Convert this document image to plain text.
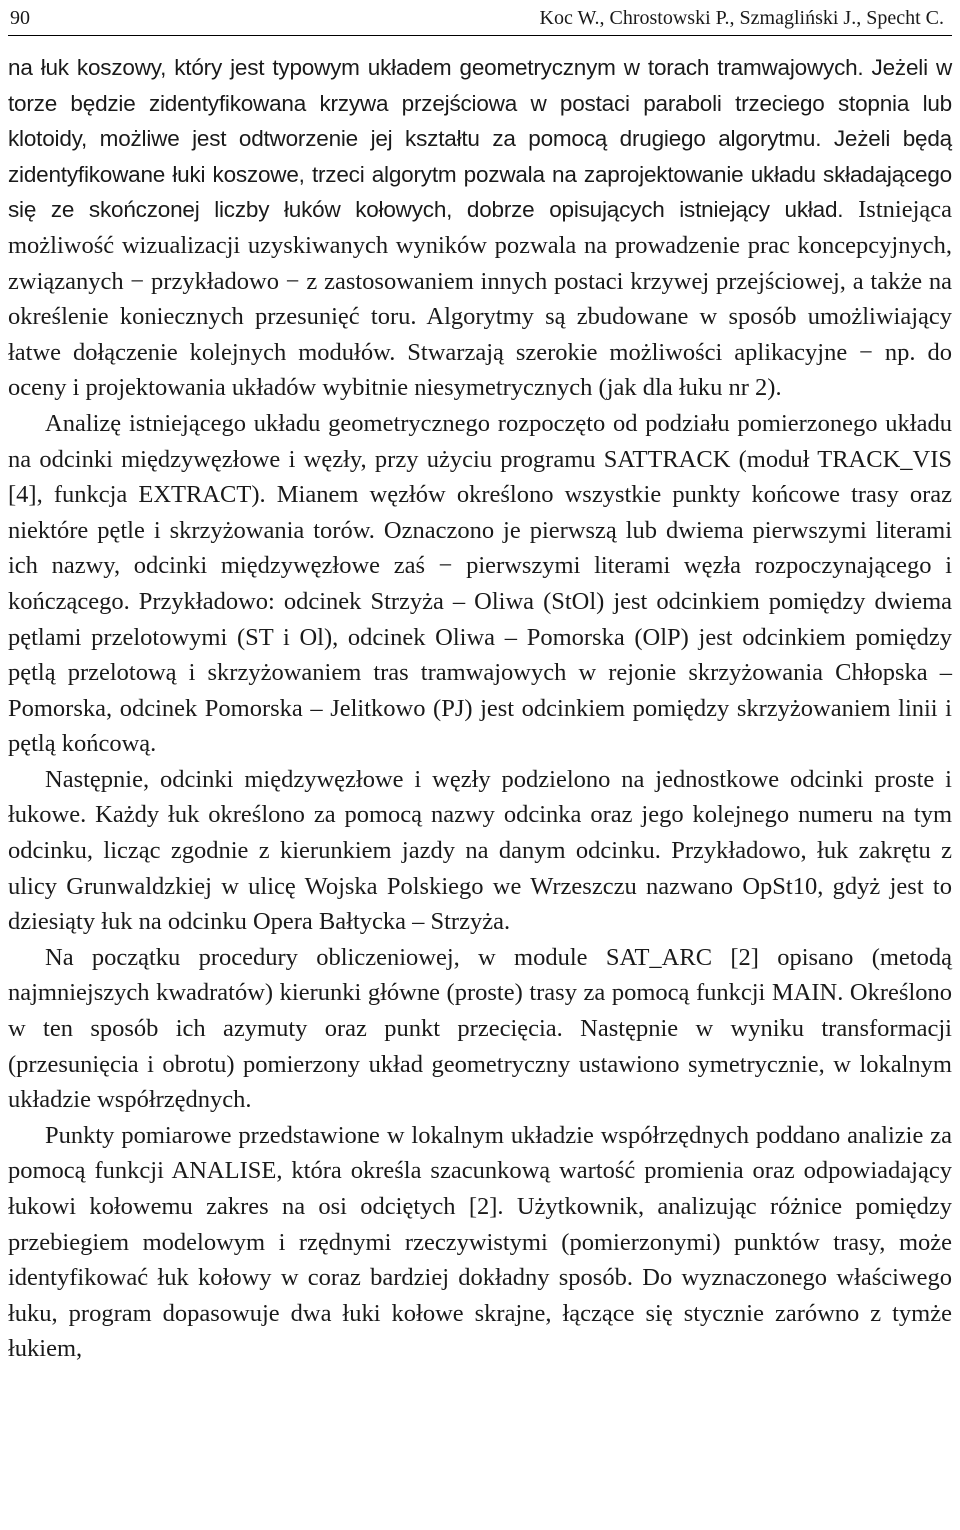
90	Koc W., Chrostowski P., Szmagliński J., Specht C.

na łuk koszowy, który jest typowym układem geometrycznym w torach tramwajowych. Jeżeli w torze będzie zidentyfikowana krzywa przejściowa w postaci paraboli trzeciego stopnia lub klotoidy, możliwe jest odtworzenie jej kształtu za pomocą drugiego algorytmu. Jeżeli będą zidentyfikowane łuki koszowe, trzeci algorytm pozwala na zaprojektowanie układu składającego się ze skończonej liczby łuków kołowych, dobrze opisujących istniejący układ. Istniejąca możliwość wizualizacji uzyskiwanych wyników pozwala na prowadzenie prac koncepcyjnych, związanych − przykładowo − z zastosowaniem innych postaci krzywej przejściowej, a także na określenie koniecznych przesunięć toru. Algorytmy są zbudowane w sposób umożliwiający łatwe dołączenie kolejnych modułów. Stwarzają szerokie możliwości aplikacyjne − np. do oceny i projektowania układów wybitnie niesymetrycznych (jak dla łuku nr 2).

Analizę istniejącego układu geometrycznego rozpoczęto od podziału pomierzonego układu na odcinki międzywęzłowe i węzły, przy użyciu programu SATTRACK (moduł TRACK_VIS [4], funkcja EXTRACT). Mianem węzłów określono wszystkie punkty końcowe trasy oraz niektóre pętle i skrzyżowania torów. Oznaczono je pierwszą lub dwiema pierwszymi literami ich nazwy, odcinki międzywęzłowe zaś − pierwszymi literami węzła rozpoczynającego i kończącego. Przykładowo: odcinek Strzyża – Oliwa (StOl) jest odcinkiem pomiędzy dwiema pętlami przelotowymi (ST i Ol), odcinek Oliwa – Pomorska (OlP) jest odcinkiem pomiędzy pętlą przelotową i skrzyżowaniem tras tramwajowych w rejonie skrzyżowania Chłopska – Pomorska, odcinek Pomorska – Jelitkowo (PJ) jest odcinkiem pomiędzy skrzyżowaniem linii i pętlą końcową.

Następnie, odcinki międzywęzłowe i węzły podzielono na jednostkowe odcinki proste i łukowe. Każdy łuk określono za pomocą nazwy odcinka oraz jego kolejnego numeru na tym odcinku, licząc zgodnie z kierunkiem jazdy na danym odcinku. Przykładowo, łuk zakrętu z ulicy Grunwaldzkiej w ulicę Wojska Polskiego we Wrzeszczu nazwano OpSt10, gdyż jest to dziesiąty łuk na odcinku Opera Bałtycka – Strzyża.

Na początku procedury obliczeniowej, w module SAT_ARC [2] opisano (metodą najmniejszych kwadratów) kierunki główne (proste) trasy za pomocą funkcji MAIN. Określono w ten sposób ich azymuty oraz punkt przecięcia. Następnie w wyniku transformacji (przesunięcia i obrotu) pomierzony układ geometryczny ustawiono symetrycznie, w lokalnym układzie współrzędnych.

Punkty pomiarowe przedstawione w lokalnym układzie współrzędnych poddano analizie za pomocą funkcji ANALISE, która określa szacunkową wartość promienia oraz odpowiadający łukowi kołowemu zakres na osi odciętych [2]. Użytkownik, analizując różnice pomiędzy przebiegiem modelowym i rzędnymi rzeczywistymi (pomierzonymi) punktów trasy, może identyfikować łuk kołowy w coraz bardziej dokładny sposób. Do wyznaczonego właściwego łuku, program dopasowuje dwa łuki kołowe skrajne, łączące się stycznie zarówno z tymże łukiem,
